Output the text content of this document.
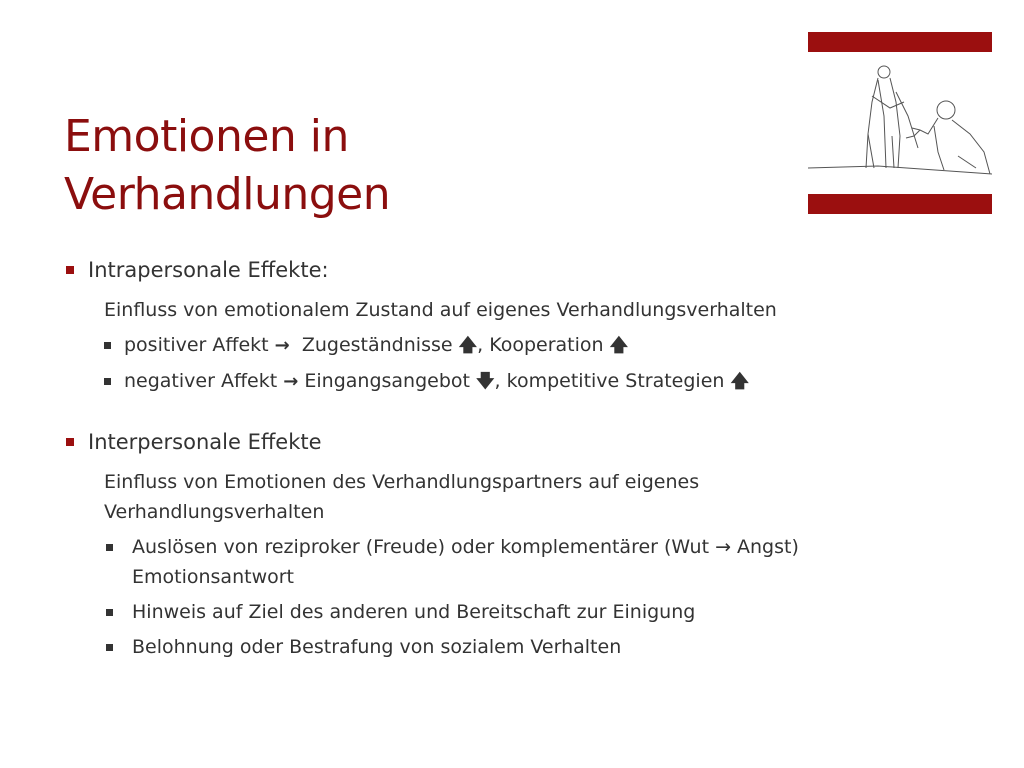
Emotionen in
Verhandlungen
Intrapersonale Effekte:
Einfluss von emotionalem Zustand auf eigenes Verhandlungsverhalten
positiver Affekt → Zugeständnisse 🡅, Kooperation 🡅
negativer Affekt → Eingangsangebot 🡇, kompetitive Strategien 🡅
Interpersonale Effekte
Einfluss von Emotionen des Verhandlungspartners auf eigenes Verhandlungsverhalten
Auslösen von reziproker (Freude) oder komplementärer (Wut → Angst) Emotionsantwort
Hinweis auf Ziel des anderen und Bereitschaft zur Einigung
Belohnung oder Bestrafung von sozialem Verhalten
